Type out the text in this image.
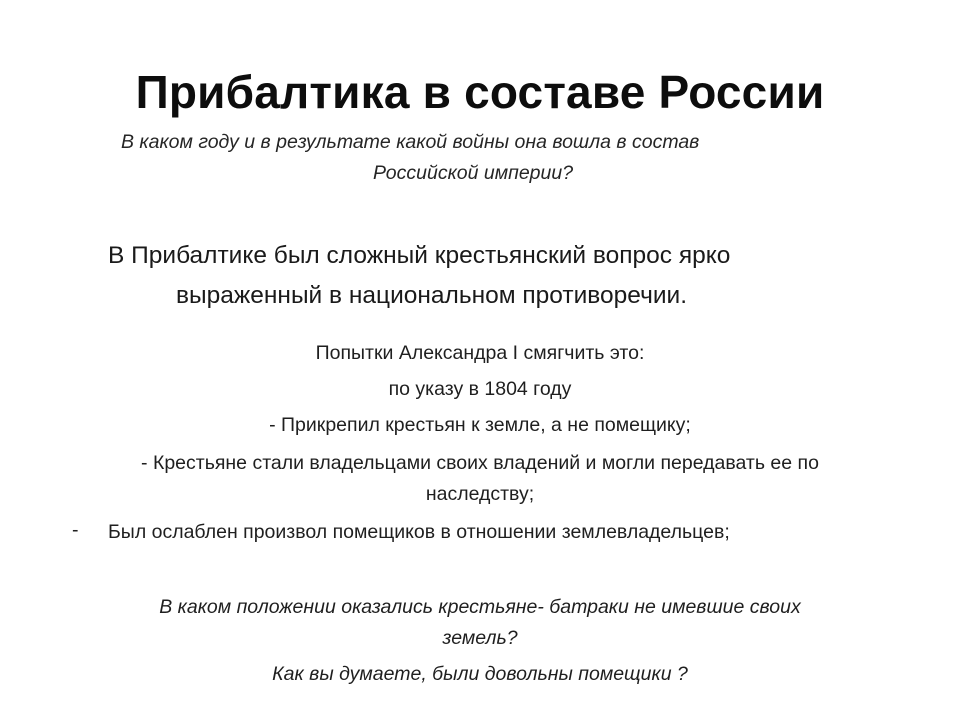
Прибалтика в составе России

В каком году и в результате какой войны она вошла в состав

Российской империи?

В Прибалтике был сложный крестьянский вопрос ярко

выраженный в национальном противоречии.

Попытки Александра I смягчить это:

по указу в 1804 году

- Прикрепил крестьян к земле, а не помещику;

- Крестьяне стали владельцами своих владений и могли передавать ее по

наследству;

- Был ослаблен произвол помещиков в отношении землевладельцев;

В каком положении оказались крестьяне- батраки не имевшие своих

земель?

Как вы думаете, были довольны помещики ?
